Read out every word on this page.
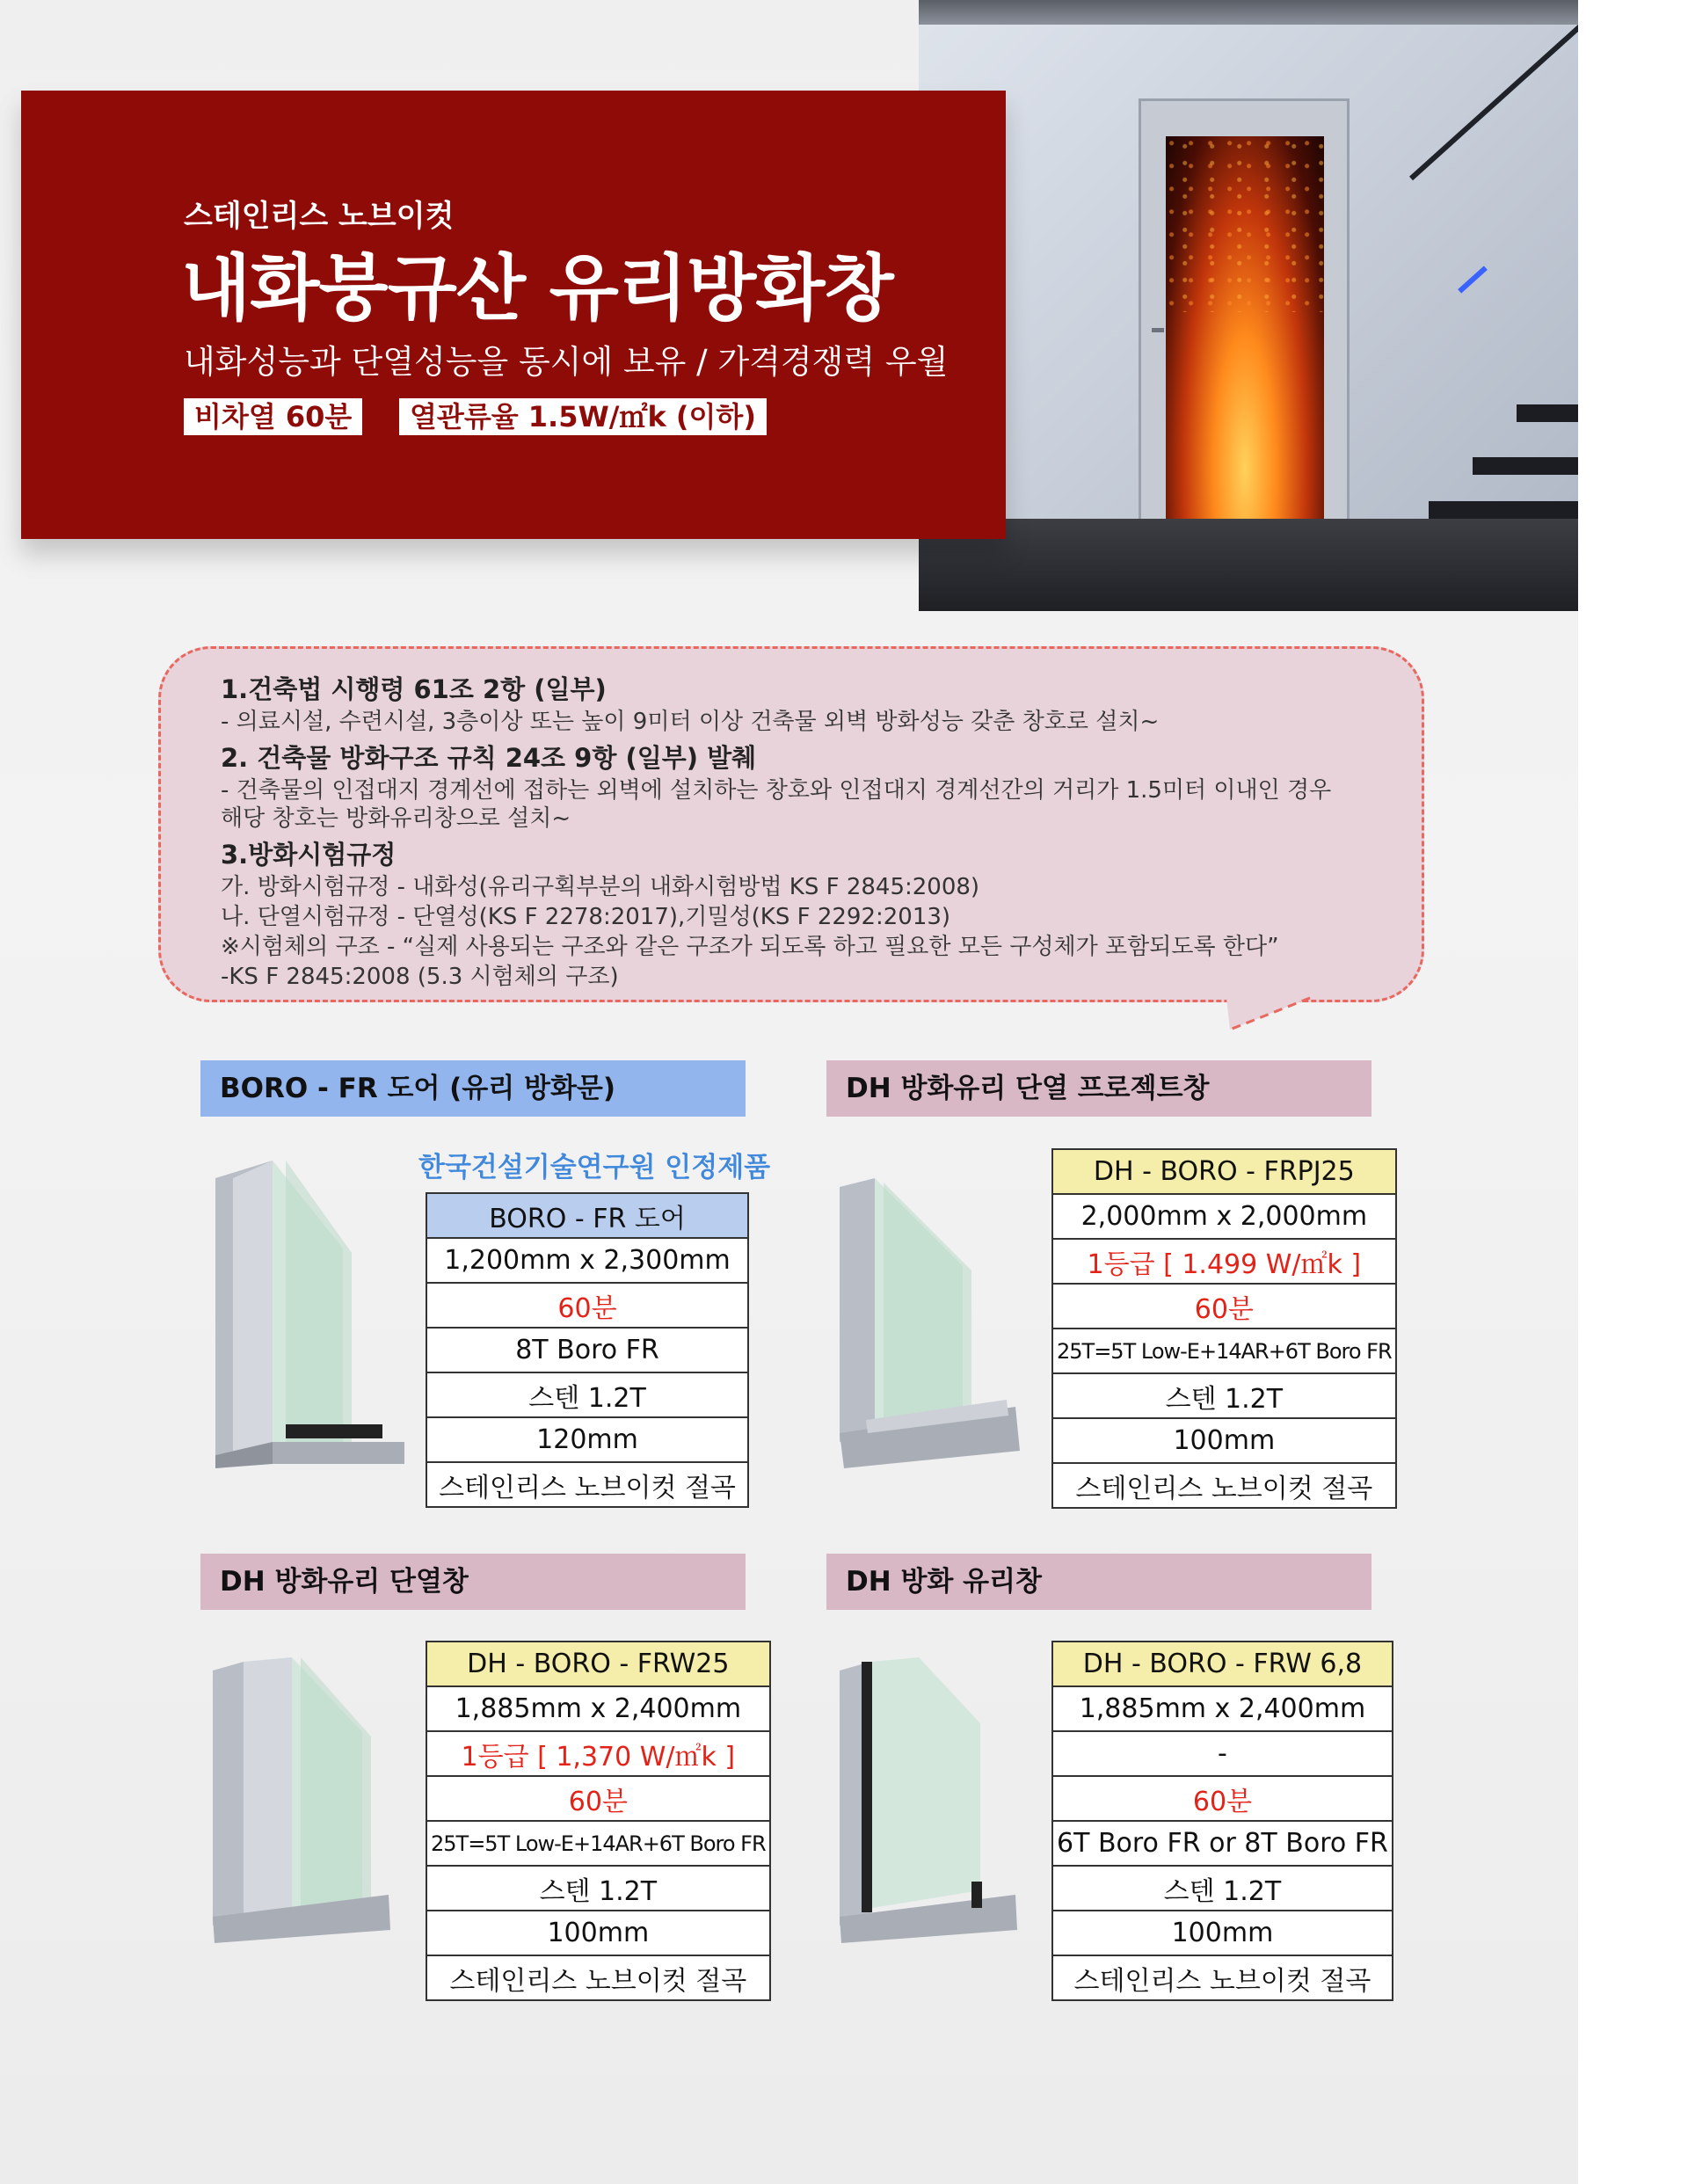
스테인리스 노브이컷
내화붕규산 유리방화창
내화성능과 단열성능을 동시에 보유 / 가격경쟁력 우월
비차열 60분	열관류율 1.5W/㎡k (이하)
1.건축법 시행령 61조 2항 (일부)
- 의료시설, 수련시설, 3층이상 또는 높이 9미터 이상 건축물 외벽 방화성능 갖춘 창호로 설치~
2. 건축물 방화구조 규칙 24조 9항 (일부) 발췌
- 건축물의 인접대지 경계선에 접하는 외벽에 설치하는 창호와 인접대지 경계선간의 거리가 1.5미터 이내인 경우
해당 창호는 방화유리창으로 설치~
3.방화시험규정
가. 방화시험규정 - 내화성(유리구획부분의 내화시험방법 KS F 2845:2008)
나. 단열시험규정 - 단열성(KS F 2278:2017),기밀성(KS F 2292:2013)
※시험체의 구조 - “실제 사용되는 구조와 같은 구조가 되도록 하고 필요한 모든 구성체가 포함되도록 한다”
-KS F 2845:2008 (5.3 시험체의 구조)
BORO - FR 도어 (유리 방화문)
한국건설기술연구원 인정제품
BORO - FR 도어
1,200mm x 2,300mm
60분
8T Boro FR
스텐 1.2T
120mm
스테인리스 노브이컷 절곡
DH 방화유리 단열 프로젝트창
DH - BORO - FRPJ25
2,000mm x 2,000mm
1등급 [ 1.499 W/㎡k ]
60분
25T=5T Low-E+14AR+6T Boro FR
스텐 1.2T
100mm
스테인리스 노브이컷 절곡
DH 방화유리 단열창
DH - BORO - FRW25
1,885mm x 2,400mm
1등급 [ 1,370 W/㎡k ]
60분
25T=5T Low-E+14AR+6T Boro FR
스텐 1.2T
100mm
스테인리스 노브이컷 절곡
DH 방화 유리창
DH - BORO - FRW 6,8
1,885mm x 2,400mm
-
60분
6T Boro FR or 8T Boro FR
스텐 1.2T
100mm
스테인리스 노브이컷 절곡
